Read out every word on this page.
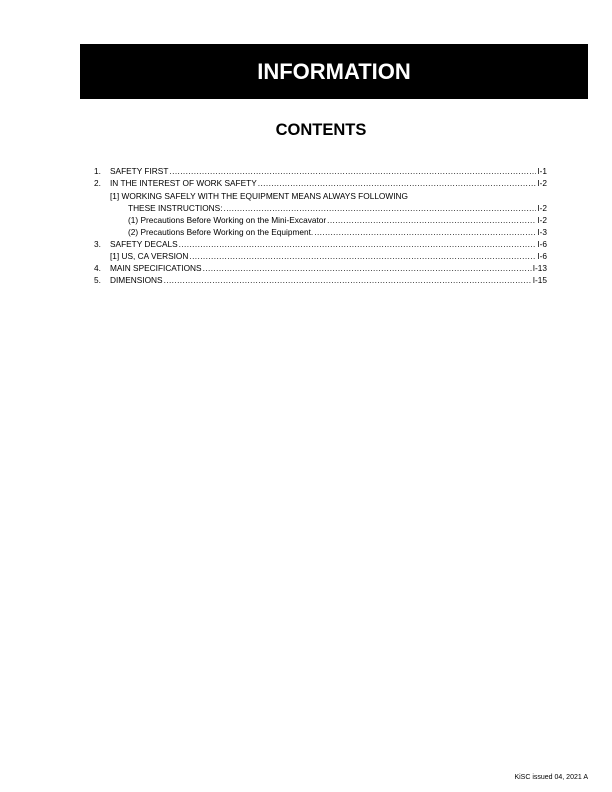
INFORMATION
CONTENTS
1. SAFETY FIRST .....	I-1
2. IN THE INTEREST OF WORK SAFETY .....	I-2
[1] WORKING SAFELY WITH THE EQUIPMENT MEANS ALWAYS FOLLOWING
THESE INSTRUCTIONS: .....	I-2
(1) Precautions Before Working on the Mini-Excavator .....	I-2
(2) Precautions Before Working on the Equipment. .....	I-3
3. SAFETY DECALS .....	I-6
[1] US, CA VERSION .....	I-6
4. MAIN SPECIFICATIONS .....	I-13
5. DIMENSIONS .....	I-15
KiSC issued 04, 2021 A
